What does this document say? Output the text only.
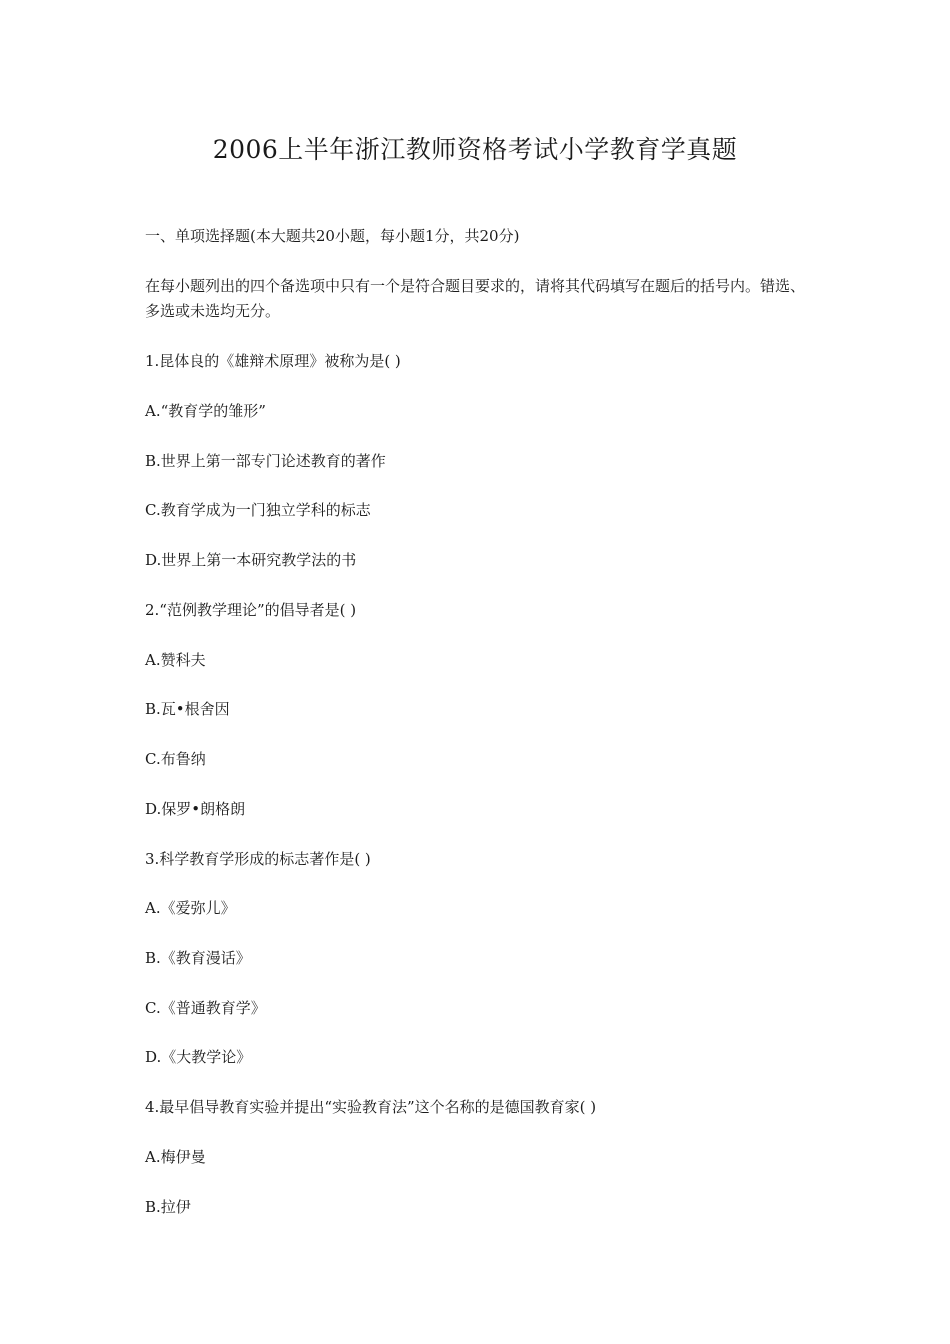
2006上半年浙江教师资格考试小学教育学真题

一、单项选择题(本大题共20小题，每小题1分，共20分)

在每小题列出的四个备选项中只有一个是符合题目要求的，请将其代码填写在题后的括号内。错选、多选或未选均无分。

1.昆体良的《雄辩术原理》被称为是( )

A.“教育学的雏形”

B.世界上第一部专门论述教育的著作

C.教育学成为一门独立学科的标志

D.世界上第一本研究教学法的书

2.“范例教学理论”的倡导者是( )

A.赞科夫

B.瓦•根舍因

C.布鲁纳

D.保罗•朗格朗

3.科学教育学形成的标志著作是( )

A.《爱弥儿》

B.《教育漫话》

C.《普通教育学》

D.《大教学论》

4.最早倡导教育实验并提出“实验教育法”这个名称的是德国教育家( )

A.梅伊曼

B.拉伊
